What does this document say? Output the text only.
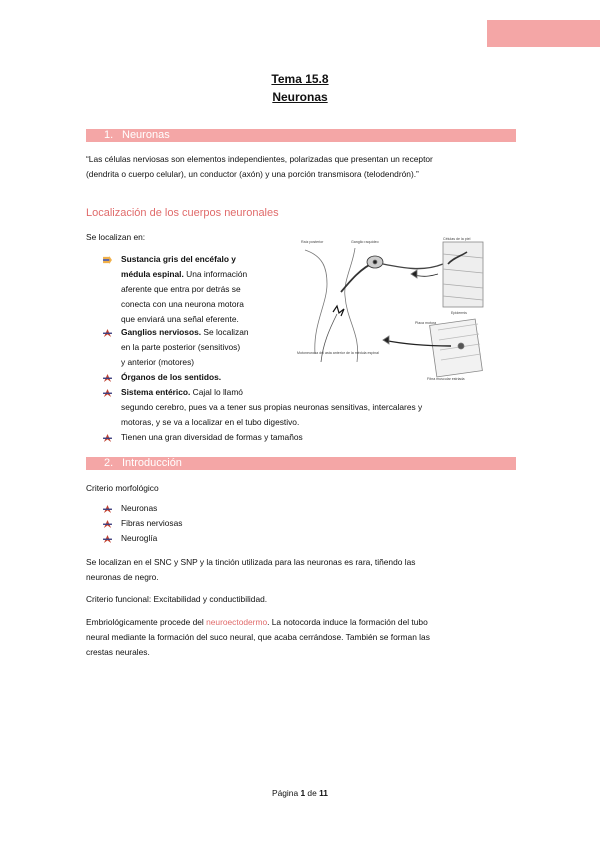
Tema 15.8
Neuronas
1. Neuronas
“Las células nerviosas son elementos independientes, polarizadas que presentan un receptor
(dendrita o cuerpo celular), un conductor (axón) y una porción transmisora (telodendrón).”
Localización de los cuerpos neuronales
Se localizan en:
Sustancia gris del encéfalo y
médula espinal. Una información
aferente que entra por detrás se
conecta con una neurona motora
que enviará una señal eferente.
Ganglios nerviosos. Se localizan
en la parte posterior (sensitivos)
y anterior (motores)
Órganos de los sentidos.
Sistema entérico. Cajal lo llamó
segundo cerebro, pues va a tener sus propias neuronas sensitivas, intercalares y
motoras, y se va a localizar en el tubo digestivo.
Tienen una gran diversidad de formas y tamaños
Raíz posterior	Ganglio raquídeo
Células de la piel
Epidermis
Motoneurona del asta anterior de la médula espinal
Placa motora
Fibra muscular estriada
2. Introducción
Criterio morfológico
Neuronas
Fibras nerviosas
Neuroglía
Se localizan en el SNC y SNP y la tinción utilizada para las neuronas es rara, tiñendo las
neuronas de negro.
Criterio funcional: Excitabilidad y conductibilidad.
Embriológicamente procede del neuroectodermo. La notocorda induce la formación del tubo
neural mediante la formación del suco neural, que acaba cerrándose. También se forman las
crestas neurales.
Página 1 de 11
